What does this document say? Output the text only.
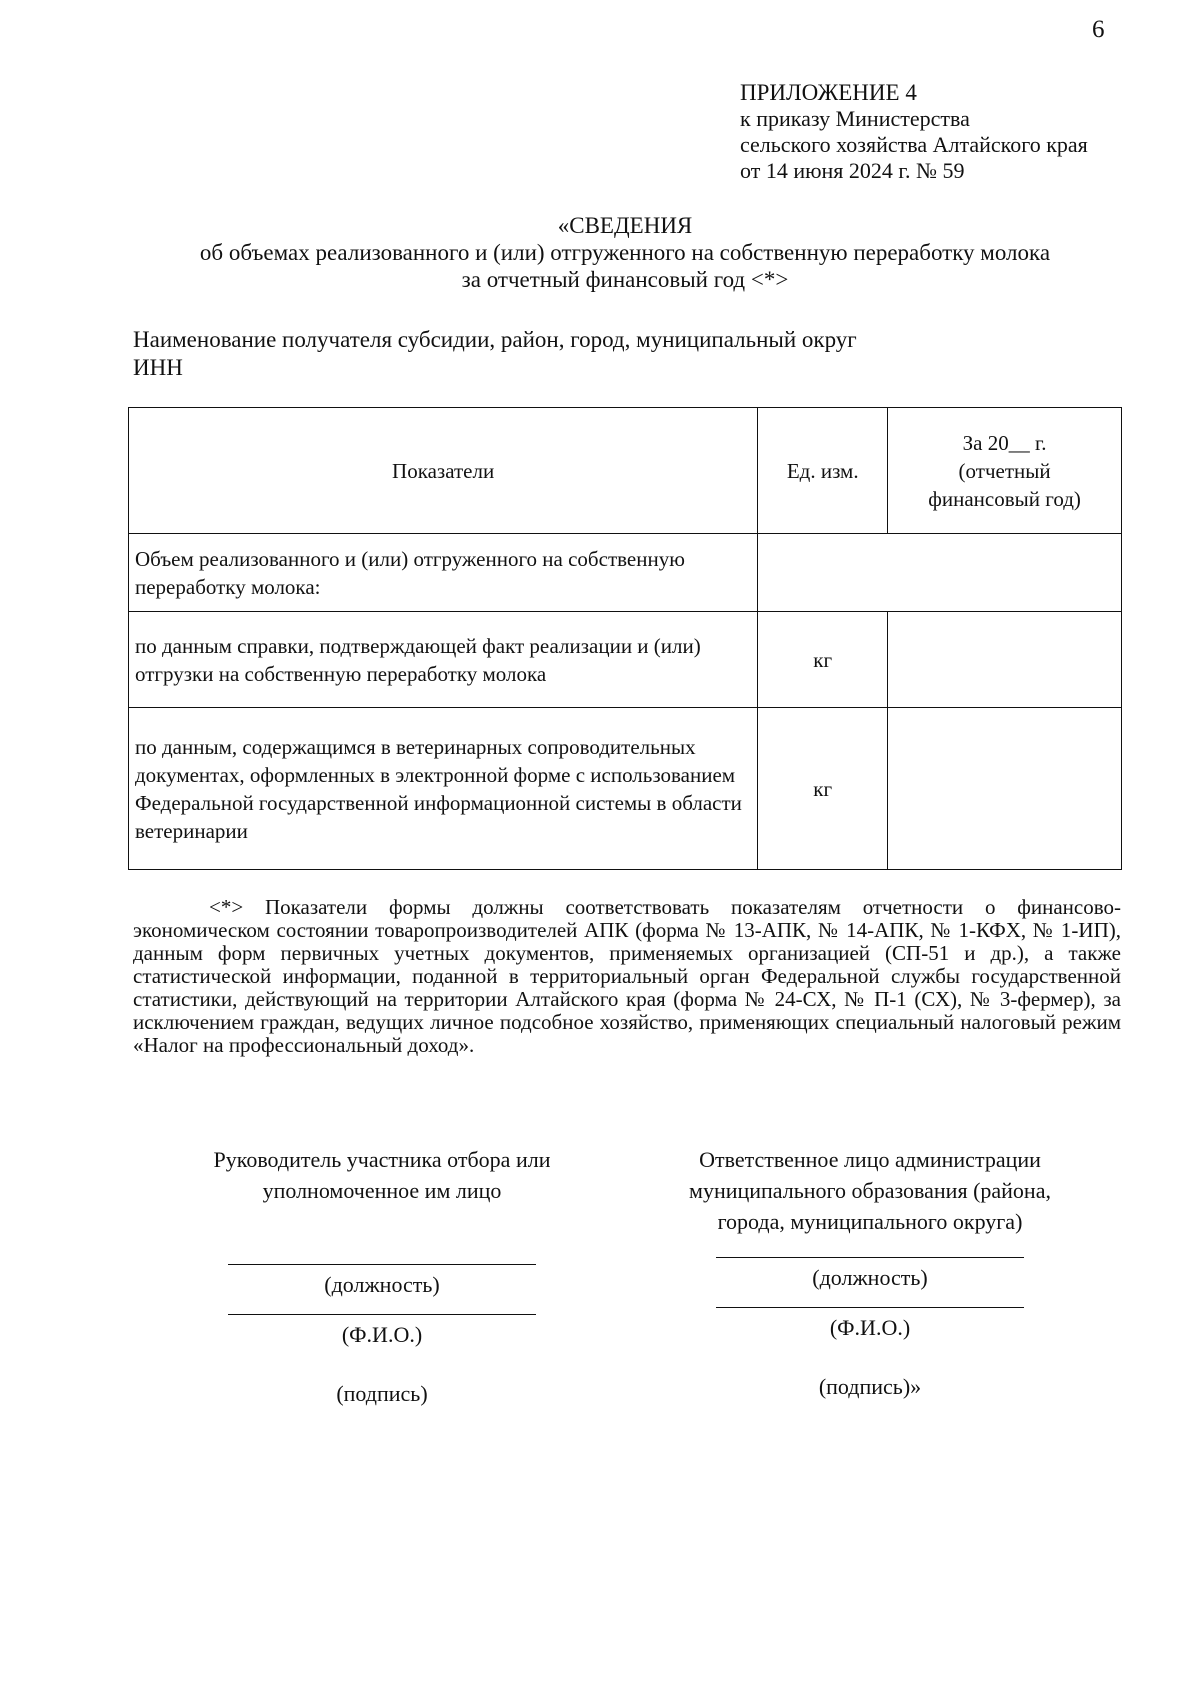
6
ПРИЛОЖЕНИЕ 4
к приказу Министерства
сельского хозяйства Алтайского края
от 14 июня 2024 г. № 59
«СВЕДЕНИЯ
об объемах реализованного и (или) отгруженного на собственную переработку молока
за отчетный финансовый год <*>
Наименование получателя субсидии, район, город, муниципальный округ
ИНН
Показатели	Ед. изм.	За 20__ г.
(отчетный
финансовый год)

Объем реализованного и (или) отгруженного на собственную переработку молока:		
по данным справки, подтверждающей факт реализации и (или) отгрузки на собственную переработку молока	кг	
по данным, содержащимся в ветеринарных сопроводительных документах, оформленных в электронной форме с использованием Федеральной государственной информационной системы в области ветеринарии	кг	
<*> Показатели формы должны соответствовать показателям отчетности о финансово-экономическом состоянии товаропроизводителей АПК (форма № 13-АПК, № 14-АПК, № 1-КФХ, № 1-ИП), данным форм первичных учетных документов, применяемых организацией (СП-51 и др.), а также статистической информации, поданной в территориальный орган Федеральной службы государственной статистики, действующий на территории Алтайского края (форма № 24-СХ, № П-1 (СХ), № 3-фермер), за исключением граждан, ведущих личное подсобное хозяйство, применяющих специальный налоговый режим «Налог на профессиональный доход».
Руководитель участника отбора или
уполномоченное им лицо
(должность)
(Ф.И.О.)
(подпись)
Ответственное лицо администрации
муниципального образования (района,
города, муниципального округа)
(должность)
(Ф.И.О.)
(подпись)»
